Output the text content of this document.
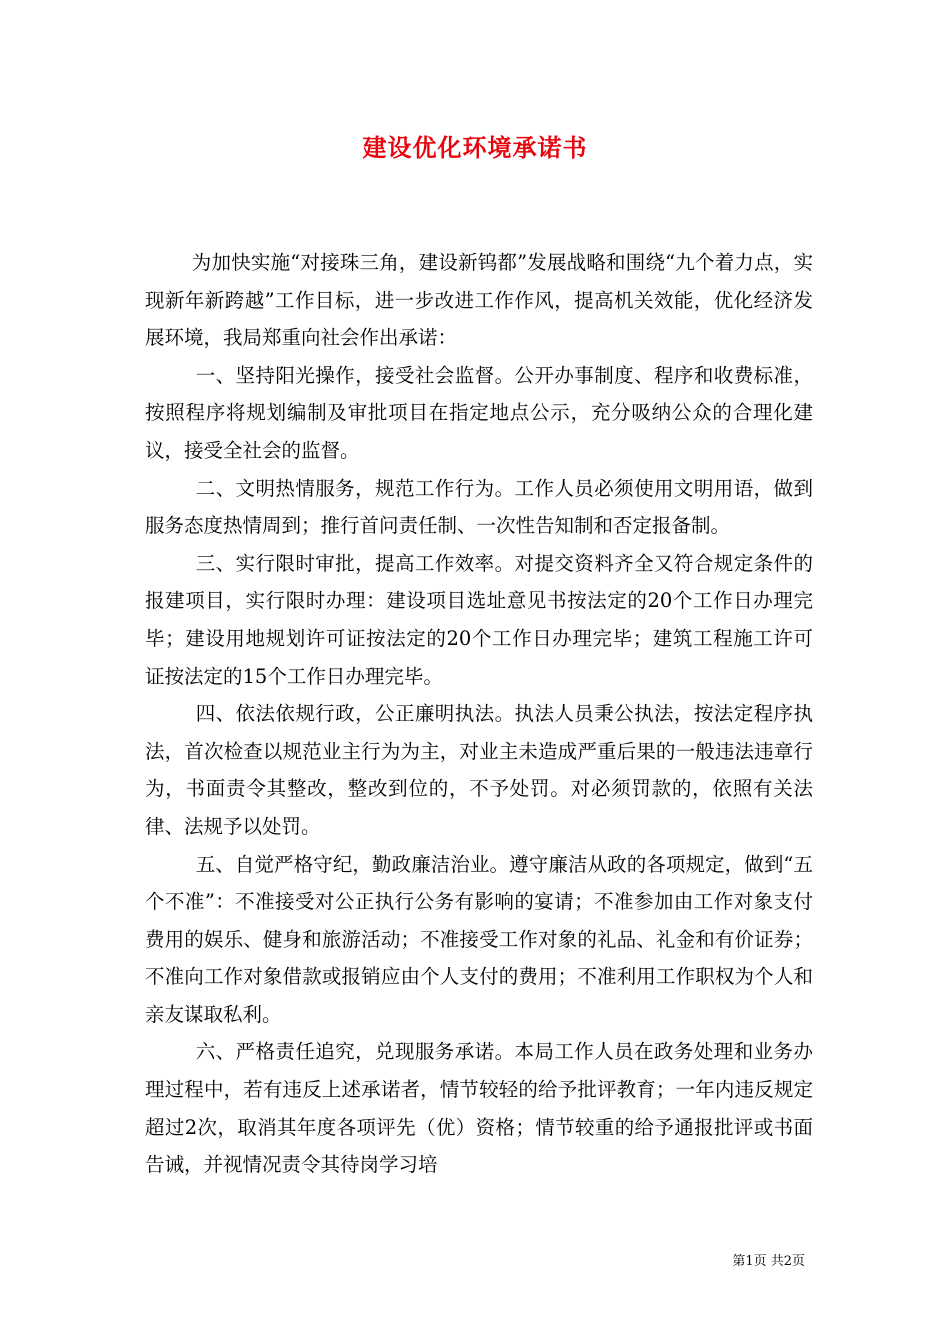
建设优化环境承诺书

为加快实施“对接珠三角，建设新钨都”发展战略和围绕“九个着力点，实现新年新跨越”工作目标，进一步改进工作作风，提高机关效能，优化经济发展环境，我局郑重向社会作出承诺：

一、坚持阳光操作，接受社会监督。公开办事制度、程序和收费标准，按照程序将规划编制及审批项目在指定地点公示，充分吸纳公众的合理化建议，接受全社会的监督。

二、文明热情服务，规范工作行为。工作人员必须使用文明用语，做到服务态度热情周到；推行首问责任制、一次性告知制和否定报备制。

三、实行限时审批，提高工作效率。对提交资料齐全又符合规定条件的报建项目，实行限时办理：建设项目选址意见书按法定的20个工作日办理完毕；建设用地规划许可证按法定的20个工作日办理完毕；建筑工程施工许可证按法定的15个工作日办理完毕。

四、依法依规行政，公正廉明执法。执法人员秉公执法，按法定程序执法，首次检查以规范业主行为为主，对业主未造成严重后果的一般违法违章行为，书面责令其整改，整改到位的，不予处罚。对必须罚款的，依照有关法律、法规予以处罚。

五、自觉严格守纪，勤政廉洁治业。遵守廉洁从政的各项规定，做到“五个不准”：不准接受对公正执行公务有影响的宴请；不准参加由工作对象支付费用的娱乐、健身和旅游活动；不准接受工作对象的礼品、礼金和有价证券；不准向工作对象借款或报销应由个人支付的费用；不准利用工作职权为个人和亲友谋取私利。

六、严格责任追究，兑现服务承诺。本局工作人员在政务处理和业务办理过程中，若有违反上述承诺者，情节较轻的给予批评教育；一年内违反规定超过2次，取消其年度各项评先（优）资格；情节较重的给予通报批评或书面告诫，并视情况责令其待岗学习培

第1页 共2页
